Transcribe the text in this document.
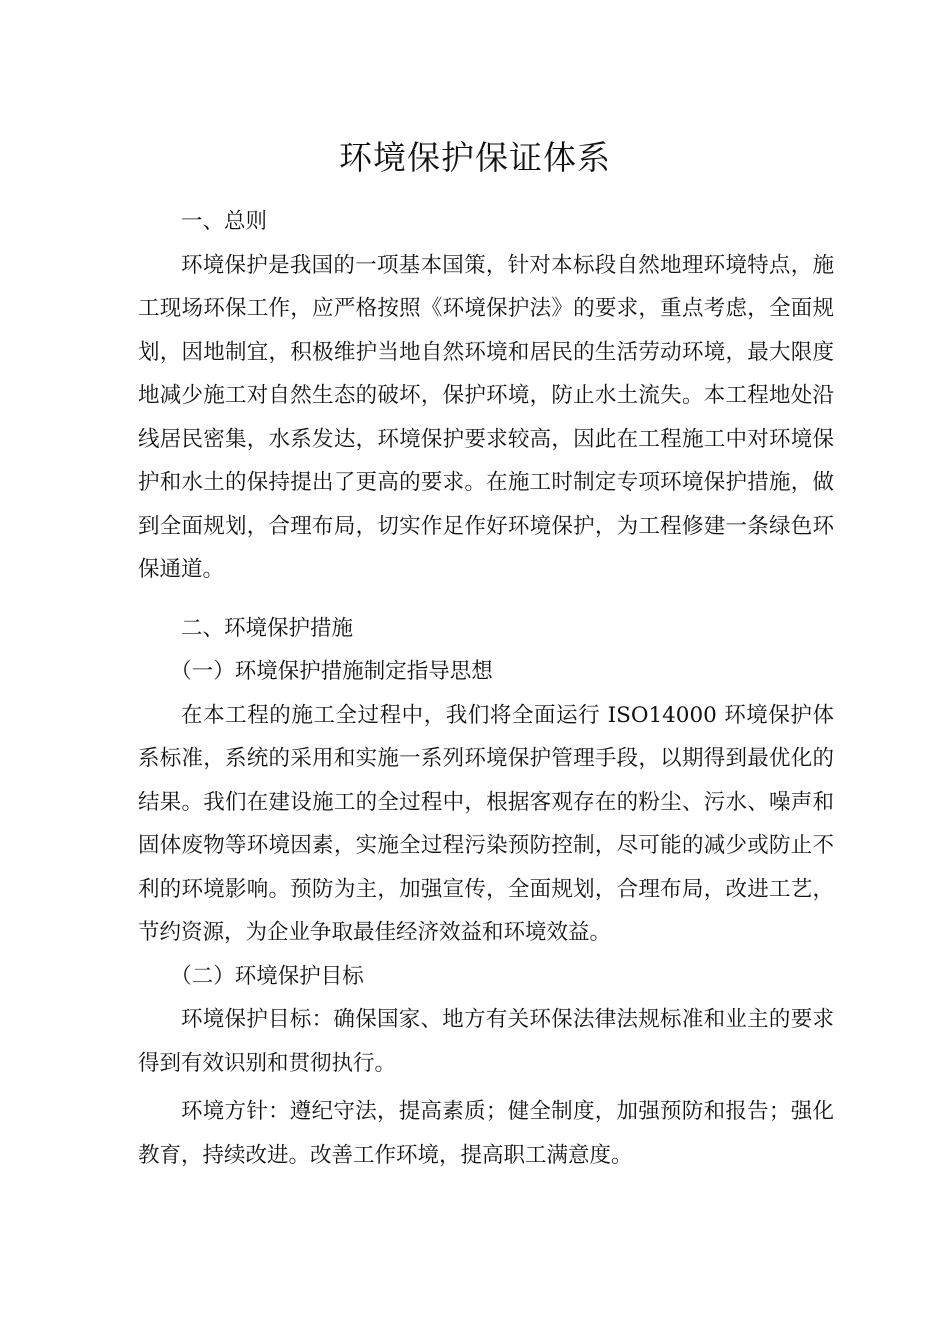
环境保护保证体系

一、总则

环境保护是我国的一项基本国策，针对本标段自然地理环境特点，施工现场环保工作，应严格按照《环境保护法》的要求，重点考虑，全面规划，因地制宜，积极维护当地自然环境和居民的生活劳动环境，最大限度地减少施工对自然生态的破坏，保护环境，防止水土流失。本工程地处沿线居民密集，水系发达，环境保护要求较高，因此在工程施工中对环境保护和水土的保持提出了更高的要求。在施工时制定专项环境保护措施，做到全面规划，合理布局，切实作足作好环境保护，为工程修建一条绿色环保通道。

二、环境保护措施

（一）环境保护措施制定指导思想

在本工程的施工全过程中，我们将全面运行 ISO14000 环境保护体系标准，系统的采用和实施一系列环境保护管理手段，以期得到最优化的结果。我们在建设施工的全过程中，根据客观存在的粉尘、污水、噪声和固体废物等环境因素，实施全过程污染预防控制，尽可能的减少或防止不利的环境影响。预防为主，加强宣传，全面规划，合理布局，改进工艺，节约资源，为企业争取最佳经济效益和环境效益。

（二）环境保护目标

环境保护目标：确保国家、地方有关环保法律法规标准和业主的要求得到有效识别和贯彻执行。

环境方针：遵纪守法，提高素质；健全制度，加强预防和报告；强化教育，持续改进。改善工作环境，提高职工满意度。
